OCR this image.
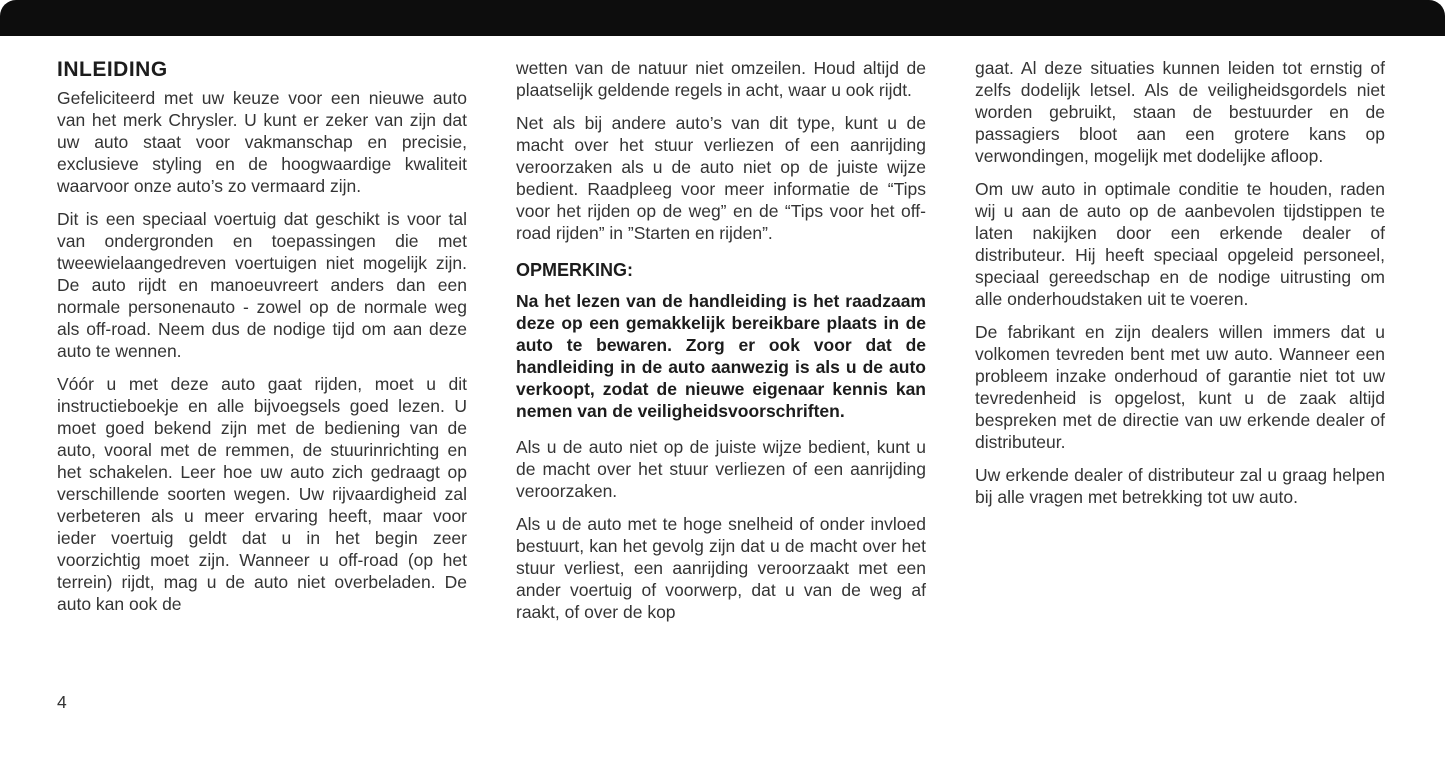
INLEIDING

Gefeliciteerd met uw keuze voor een nieuwe auto van het merk Chrysler. U kunt er zeker van zijn dat uw auto staat voor vakmanschap en precisie, exclusieve styling en de hoogwaardige kwaliteit waarvoor onze auto’s zo vermaard zijn.

Dit is een speciaal voertuig dat geschikt is voor tal van ondergronden en toepassingen die met tweewielaangedreven voertuigen niet mogelijk zijn. De auto rijdt en manoeuvreert anders dan een normale personenauto - zowel op de normale weg als off-road. Neem dus de nodige tijd om aan deze auto te wennen.

Vóór u met deze auto gaat rijden, moet u dit instructieboekje en alle bijvoegsels goed lezen. U moet goed bekend zijn met de bediening van de auto, vooral met de remmen, de stuurinrichting en het schakelen. Leer hoe uw auto zich gedraagt op verschillende soorten wegen. Uw rijvaardigheid zal verbeteren als u meer ervaring heeft, maar voor ieder voertuig geldt dat u in het begin zeer voorzichtig moet zijn. Wanneer u off-road (op het terrein) rijdt, mag u de auto niet overbeladen. De auto kan ook de

wetten van de natuur niet omzeilen. Houd altijd de plaatselijk geldende regels in acht, waar u ook rijdt.

Net als bij andere auto’s van dit type, kunt u de macht over het stuur verliezen of een aanrijding veroorzaken als u de auto niet op de juiste wijze bedient. Raadpleeg voor meer informatie de “Tips voor het rijden op de weg” en de “Tips voor het off-road rijden” in ”Starten en rijden”.

OPMERKING:

Na het lezen van de handleiding is het raadzaam deze op een gemakkelijk bereikbare plaats in de auto te bewaren. Zorg er ook voor dat de handleiding in de auto aanwezig is als u de auto verkoopt, zodat de nieuwe eigenaar kennis kan nemen van de veiligheidsvoorschriften.

Als u de auto niet op de juiste wijze bedient, kunt u de macht over het stuur verliezen of een aanrijding veroorzaken.

Als u de auto met te hoge snelheid of onder invloed bestuurt, kan het gevolg zijn dat u de macht over het stuur verliest, een aanrijding veroorzaakt met een ander voertuig of voorwerp, dat u van de weg af raakt, of over de kop

gaat. Al deze situaties kunnen leiden tot ernstig of zelfs dodelijk letsel. Als de veiligheidsgordels niet worden gebruikt, staan de bestuurder en de passagiers bloot aan een grotere kans op verwondingen, mogelijk met dodelijke afloop.

Om uw auto in optimale conditie te houden, raden wij u aan de auto op de aanbevolen tijdstippen te laten nakijken door een erkende dealer of distributeur. Hij heeft speciaal opgeleid personeel, speciaal gereedschap en de nodige uitrusting om alle onderhoudstaken uit te voeren.

De fabrikant en zijn dealers willen immers dat u volkomen tevreden bent met uw auto. Wanneer een probleem inzake onderhoud of garantie niet tot uw tevredenheid is opgelost, kunt u de zaak altijd bespreken met de directie van uw erkende dealer of distributeur.

Uw erkende dealer of distributeur zal u graag helpen bij alle vragen met betrekking tot uw auto.

4
